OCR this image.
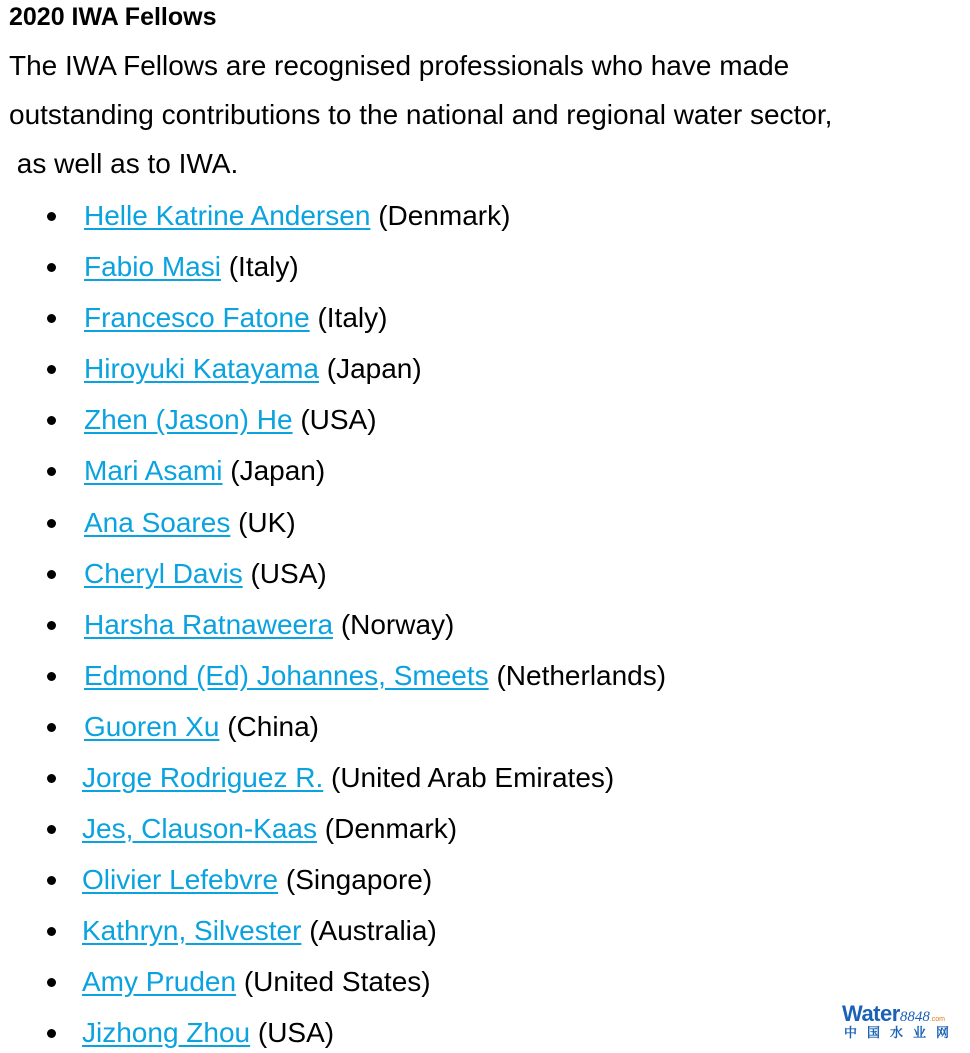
2020 IWA Fellows

The IWA Fellows are recognised professionals who have made

outstanding contributions to the national and regional water sector,

as well as to IWA.

Helle Katrine Andersen (Denmark)
Fabio Masi (Italy)
Francesco Fatone (Italy)
Hiroyuki Katayama (Japan)
Zhen (Jason) He (USA)
Mari Asami (Japan)
Ana Soares (UK)
Cheryl Davis (USA)
Harsha Ratnaweera (Norway)
Edmond (Ed) Johannes, Smeets (Netherlands)
Guoren Xu (China)
Jorge Rodriguez R. (United Arab Emirates)
Jes, Clauson-Kaas (Denmark)
Olivier Lefebvre (Singapore)
Kathryn, Silvester (Australia)
Amy Pruden (United States)
Jizhong Zhou (USA)
Water8848.com
中国水业网
